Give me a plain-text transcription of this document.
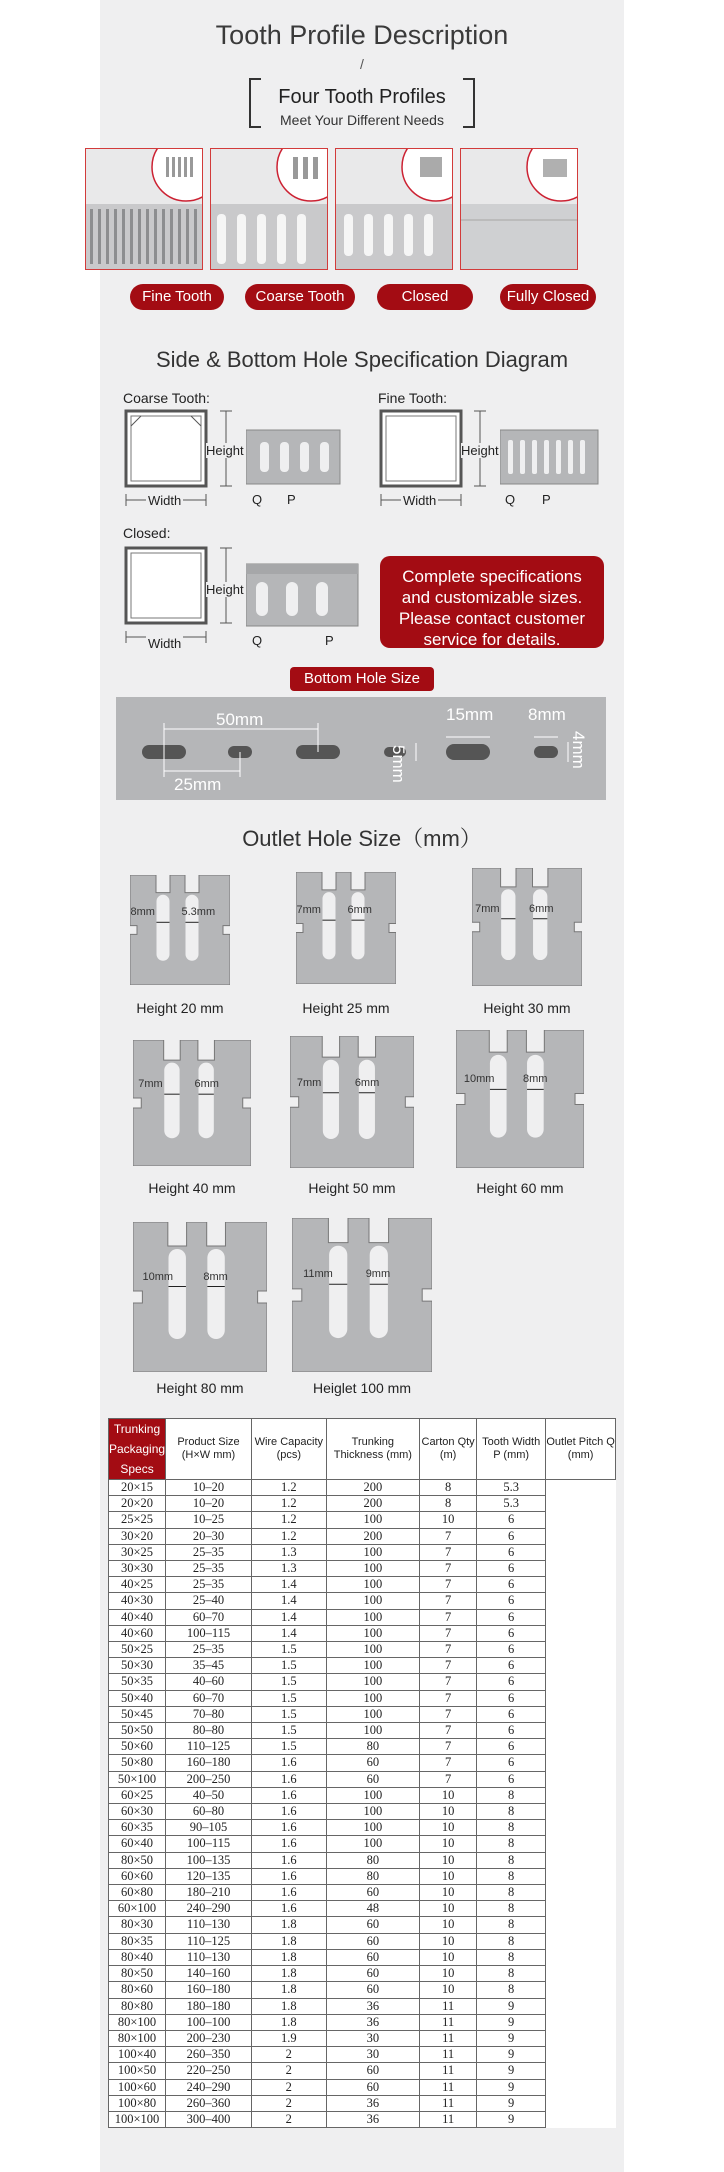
Tooth Profile Description
/
Four Tooth Profiles
Meet Your Different Needs
Fine Tooth	Coarse Tooth	Closed	Fully Closed
Side & Bottom Hole Specification Diagram
Coarse Tooth:	Fine Tooth:
Width
Height
Q P	Width
Height
Q P
Closed:
Width
Height
Q	P
Complete specifications and customizable sizes. Please contact customer service for details.
Bottom Hole Size
50mm
25mm
5mm
15mm 8mm
4mm
Outlet Hole Size（mm）
8mm 5.3mm
Height 20 mm
7mm 6mm
Height 25 mm
7mm	6mm
Height 30 mm
7mm	6mm
Height 40 mm
7mm	6mm
Height 50 mm
10mm	8mm
Height 60 mm
10mm	8mm
Height 80 mm
11mm	9mm
Heiglet 100 mm
Trunking Packaging Specs	Product Size (H×W mm)	Wire Capacity (pcs)	Trunking Thickness (mm)	Carton Qty (m)	Tooth Width P (mm)	Outlet Pitch Q (mm)
20×15	10–20	1.2	200	8	5.3	
20×20	10–20	1.2	200	8	5.3	
25×25	10–25	1.2	100	10	6	
30×20	20–30	1.2	200	7	6	
30×25	25–35	1.3	100	7	6	
30×30	25–35	1.3	100	7	6	
40×25	25–35	1.4	100	7	6	
40×30	25–40	1.4	100	7	6	
40×40	60–70	1.4	100	7	6	
40×60	100–115	1.4	100	7	6	
50×25	25–35	1.5	100	7	6	
50×30	35–45	1.5	100	7	6	
50×35	40–60	1.5	100	7	6	
50×40	60–70	1.5	100	7	6	
50×45	70–80	1.5	100	7	6	
50×50	80–80	1.5	100	7	6	
50×60	110–125	1.5	80	7	6	
50×80	160–180	1.6	60	7	6	
50×100	200–250	1.6	60	7	6	
60×25	40–50	1.6	100	10	8	
60×30	60–80	1.6	100	10	8	
60×35	90–105	1.6	100	10	8	
60×40	100–115	1.6	100	10	8	
80×50	100–135	1.6	80	10	8	
60×60	120–135	1.6	80	10	8	
60×80	180–210	1.6	60	10	8	
60×100	240–290	1.6	48	10	8	
80×30	110–130	1.8	60	10	8	
80×35	110–125	1.8	60	10	8	
80×40	110–130	1.8	60	10	8	
80×50	140–160	1.8	60	10	8	
80×60	160–180	1.8	60	10	8	
80×80	180–180	1.8	36	11	9	
80×100	100–100	1.8	36	11	9	
80×100	200–230	1.9	30	11	9	
100×40	260–350	2	30	11	9	
100×50	220–250	2	60	11	9	
100×60	240–290	2	60	11	9	
100×80	260–360	2	36	11	9	
100×100	300–400	2	36	11	9	
